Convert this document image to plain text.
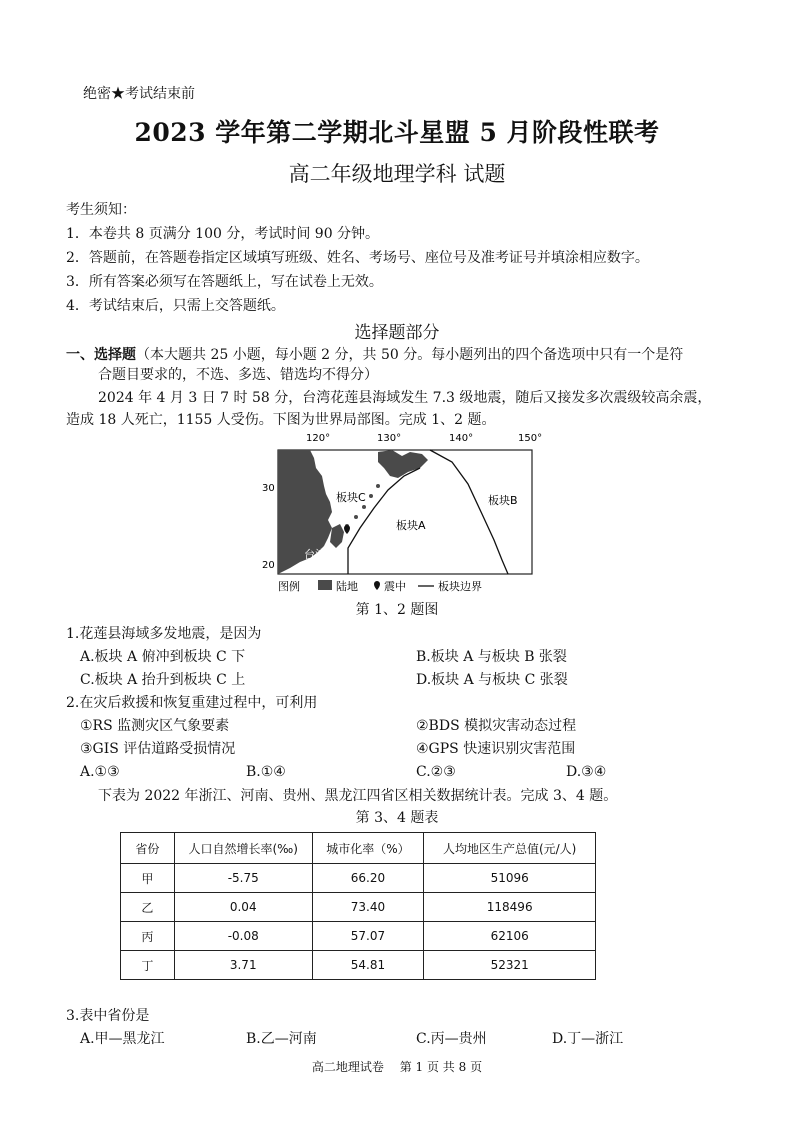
绝密★考试结束前
2023 学年第二学期北斗星盟 5 月阶段性联考
高二年级地理学科 试题
考生须知：
1．本卷共 8 页满分 100 分，考试时间 90 分钟。
2．答题前，在答题卷指定区域填写班级、姓名、考场号、座位号及准考证号并填涂相应数字。
3．所有答案必须写在答题纸上，写在试卷上无效。
4．考试结束后，只需上交答题纸。
选择题部分
一、选择题（本大题共 25 小题，每小题 2 分，共 50 分。每小题列出的四个备选项中只有一个是符
合题目要求的，不选、多选、错选均不得分）
2024 年 4 月 3 日 7 时 58 分，台湾花莲县海域发生 7.3 级地震，随后又接发多次震级较高余震，
造成 18 人死亡，1155 人受伤。下图为世界局部图。完成 1、2 题。
120°	130°	140°	150°
30
20
板块C
板块A
板块B
台湾
图例	陆地 震中	板块边界
第 1、2 题图
1.花莲县海域多发地震，是因为
A.板块 A 俯冲到板块 C 下	B.板块 A 与板块 B 张裂
C.板块 A 抬升到板块 C 上	D.板块 A 与板块 C 张裂
2.在灾后救援和恢复重建过程中，可利用
①RS 监测灾区气象要素	②BDS 模拟灾害动态过程
③GIS 评估道路受损情况	④GPS 快速识别灾害范围
A.①③	B.①④	C.②③	D.③④
下表为 2022 年浙江、河南、贵州、黑龙江四省区相关数据统计表。完成 3、4 题。
第 3、4 题表
省份	人口自然增长率(‰)	城市化率（%）	人均地区生产总值(元/人)
甲	-5.75	66.20	51096
乙	0.04	73.40	118496
丙	-0.08	57.07	62106
丁	3.71	54.81	52321
3.表中省份是
A.甲—黑龙江	B.乙—河南	C.丙—贵州	D.丁—浙江
高二地理试卷　 第 1 页 共 8 页
